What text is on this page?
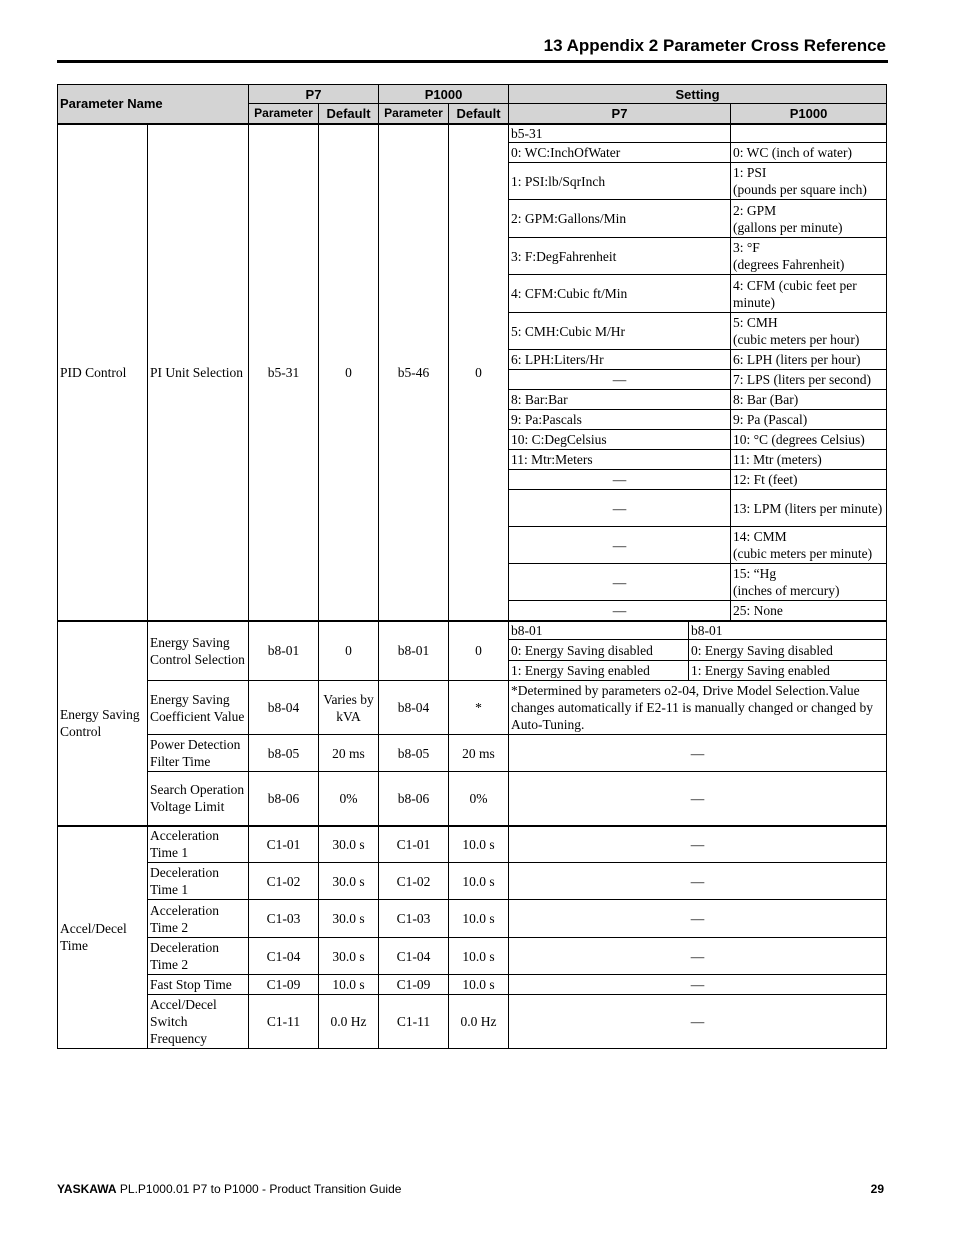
13 Appendix 2 Parameter Cross Reference
Parameter Name		P7		P1000		Setting		
		Parameter	Default	Parameter	Default	P7		P1000
PID Control	PI Unit Selection	b5-31	0	b5-46	0	b5-31		
						0: WC:InchOfWater		0: WC (inch of water)
						1: PSI:lb/SqrInch		1: PSI
(pounds per square inch)
						2: GPM:Gallons/Min		2: GPM
(gallons per minute)
						3: F:DegFahrenheit		3: °F
(degrees Fahrenheit)
						4: CFM:Cubic ft/Min		4: CFM (cubic feet per minute)
						5: CMH:Cubic M/Hr		5: CMH
(cubic meters per hour)
						6: LPH:Liters/Hr		6: LPH (liters per hour)
						—		7: LPS (liters per second)
						8: Bar:Bar		8: Bar (Bar)
						9: Pa:Pascals		9: Pa (Pascal)
						10: C:DegCelsius		10: °C (degrees Celsius)
						11: Mtr:Meters		11: Mtr (meters)
						—		12: Ft (feet)
						—		13: LPM (liters per minute)
						—		14: CMM
(cubic meters per minute)
						—		15: “Hg
(inches of mercury)
						—		25: None
Energy Saving Control	Energy Saving Control Selection	b8-01	0	b8-01	0	b8-01	b8-01	
						0: Energy Saving disabled	0: Energy Saving disabled	
						1: Energy Saving enabled	1: Energy Saving enabled	
	Energy Saving Coefficient Value	b8-04	Varies by kVA	b8-04	*	*Determined by parameters o2-04, Drive Model Selection.Value changes automatically if E2-11 is manually changed or changed by Auto-Tuning.		
	Power Detection Filter Time	b8-05	20 ms	b8-05	20 ms	—		
	Search Operation Voltage Limit	b8-06	0%	b8-06	0%	—		
Accel/Decel Time	Acceleration Time 1	C1-01	30.0 s	C1-01	10.0 s	—		
	Deceleration Time 1	C1-02	30.0 s	C1-02	10.0 s	—		
	Acceleration Time 2	C1-03	30.0 s	C1-03	10.0 s	—		
	Deceleration Time 2	C1-04	30.0 s	C1-04	10.0 s	—		
	Fast Stop Time	C1-09	10.0 s	C1-09	10.0 s	—		
	Accel/Decel Switch Frequency	C1-11	0.0 Hz	C1-11	0.0 Hz	—		
YASKAWA PL.P1000.01 P7 to P1000 - Product Transition Guide	29
